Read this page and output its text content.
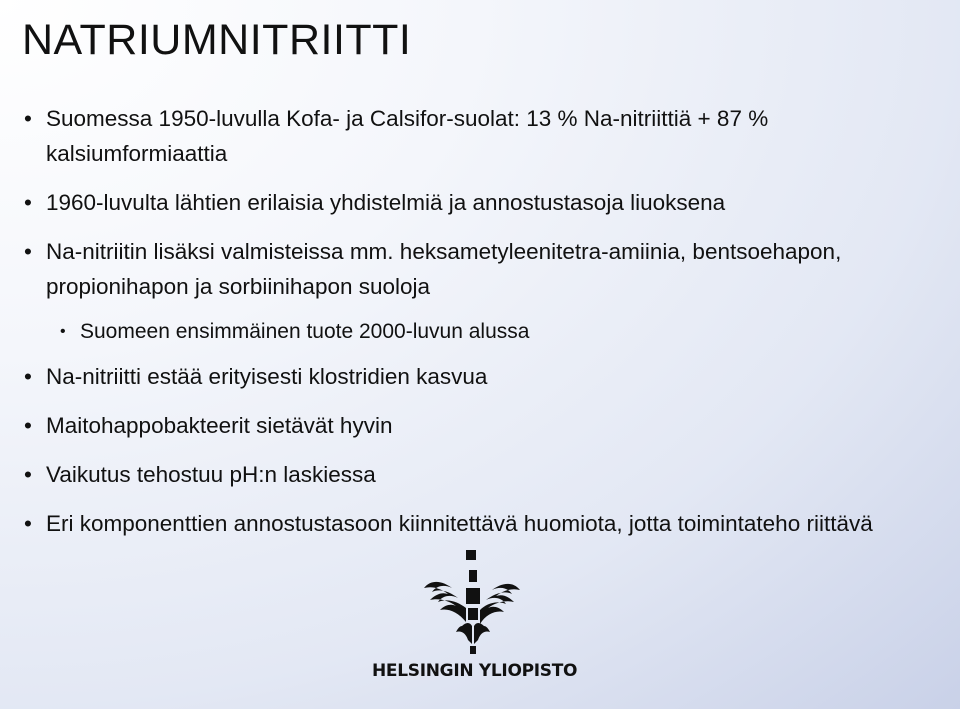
NATRIUMNITRIITTI
• Suomessa 1950-luvulla Kofa- ja Calsifor-suolat: 13 % Na-nitriittiä + 87 % kalsiumformiaattia
• 1960-luvulta lähtien erilaisia yhdistelmiä ja annostustasoja liuoksena
• Na-nitriitin lisäksi valmisteissa mm. heksametyleenitetra-amiinia, bentsoehapon, propionihapon ja sorbiinihapon suoloja
• Suomeen ensimmäinen tuote 2000-luvun alussa
• Na-nitriitti estää erityisesti klostridien kasvua
• Maitohappobakteerit sietävät hyvin
• Vaikutus tehostuu pH:n laskiessa
• Eri komponenttien annostustasoon kiinnitettävä huomiota, jotta toimintateho riittävä
HELSINGIN YLIOPISTO
